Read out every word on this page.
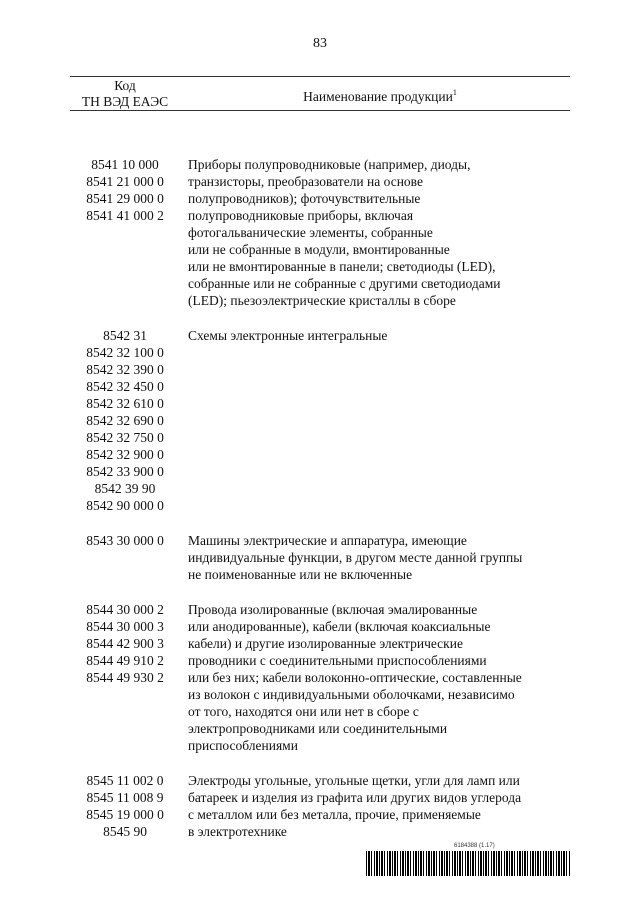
83
Код
ТН ВЭД ЕАЭС	Наименование продукции$^1$
8541 10 000
8541 21 000 0
8541 29 000 0
8541 41 000 2
Приборы полупроводниковые (например, диоды,
транзисторы, преобразователи на основе
полупроводников); фоточувствительные
полупроводниковые приборы, включая
фотогальванические элементы, собранные
или не собранные в модули, вмонтированные
или не вмонтированные в панели; светодиоды (LED),
собранные или не собранные с другими светодиодами
(LED); пьезоэлектрические кристаллы в сборе
8542 31
8542 32 100 0
8542 32 390 0
8542 32 450 0
8542 32 610 0
8542 32 690 0
8542 32 750 0
8542 32 900 0
8542 33 900 0
8542 39 90
8542 90 000 0
Схемы электронные интегральные
8543 30 000 0	Машины электрические и аппаратура, имеющие
индивидуальные функции, в другом месте данной группы
не поименованные или не включенные
8544 30 000 2
8544 30 000 3
8544 42 900 3
8544 49 910 2
8544 49 930 2
Провода изолированные (включая эмалированные
или анодированные), кабели (включая коаксиальные
кабели) и другие изолированные электрические
проводники с соединительными приспособлениями
или без них; кабели волоконно-оптические, составленные
из волокон с индивидуальными оболочками, независимо
от того, находятся они или нет в сборе с
электропроводниками или соединительными
приспособлениями
8545 11 002 0
8545 11 008 9
8545 19 000 0
8545 90
Электроды угольные, угольные щетки, угли для ламп или
батареек и изделия из графита или других видов углерода
с металлом или без металла, прочие, применяемые
в электротехнике
6184388 (1.17)
